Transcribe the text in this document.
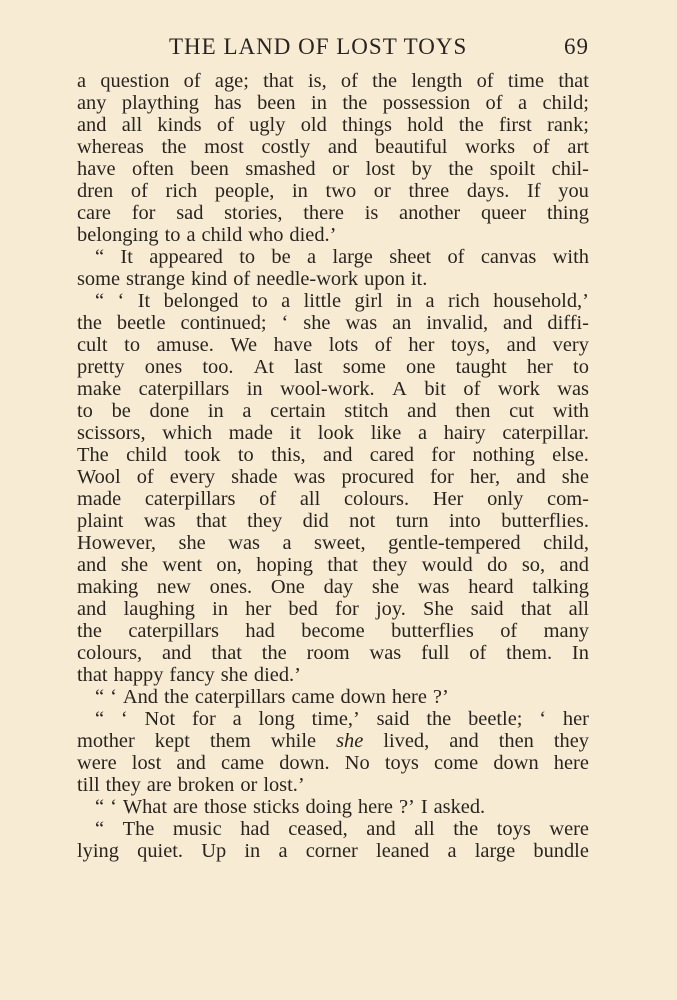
THE LAND OF LOST TOYS	69
a question of age; that is, of the length of time that
any plaything has been in the possession of a child;
and all kinds of ugly old things hold the first rank;
whereas the most costly and beautiful works of art
have often been smashed or lost by the spoilt chil-
dren of rich people, in two or three days. If you
care for sad stories, there is another queer thing
belonging to a child who died.’
“ It appeared to be a large sheet of canvas with
some strange kind of needle-work upon it.
“ ‘ It belonged to a little girl in a rich household,’
the beetle continued; ‘ she was an invalid, and diffi-
cult to amuse. We have lots of her toys, and very
pretty ones too. At last some one taught her to
make caterpillars in wool-work. A bit of work was
to be done in a certain stitch and then cut with
scissors, which made it look like a hairy caterpillar.
The child took to this, and cared for nothing else.
Wool of every shade was procured for her, and she
made caterpillars of all colours. Her only com-
plaint was that they did not turn into butterflies.
However, she was a sweet, gentle-tempered child,
and she went on, hoping that they would do so, and
making new ones. One day she was heard talking
and laughing in her bed for joy. She said that all
the caterpillars had become butterflies of many
colours, and that the room was full of them. In
that happy fancy she died.’
“ ‘ And the caterpillars came down here ?’
“ ‘ Not for a long time,’ said the beetle; ‘ her
mother kept them while she lived, and then they
were lost and came down. No toys come down here
till they are broken or lost.’
“ ‘ What are those sticks doing here ?’ I asked.
“ The music had ceased, and all the toys were
lying quiet. Up in a corner leaned a large bundle
